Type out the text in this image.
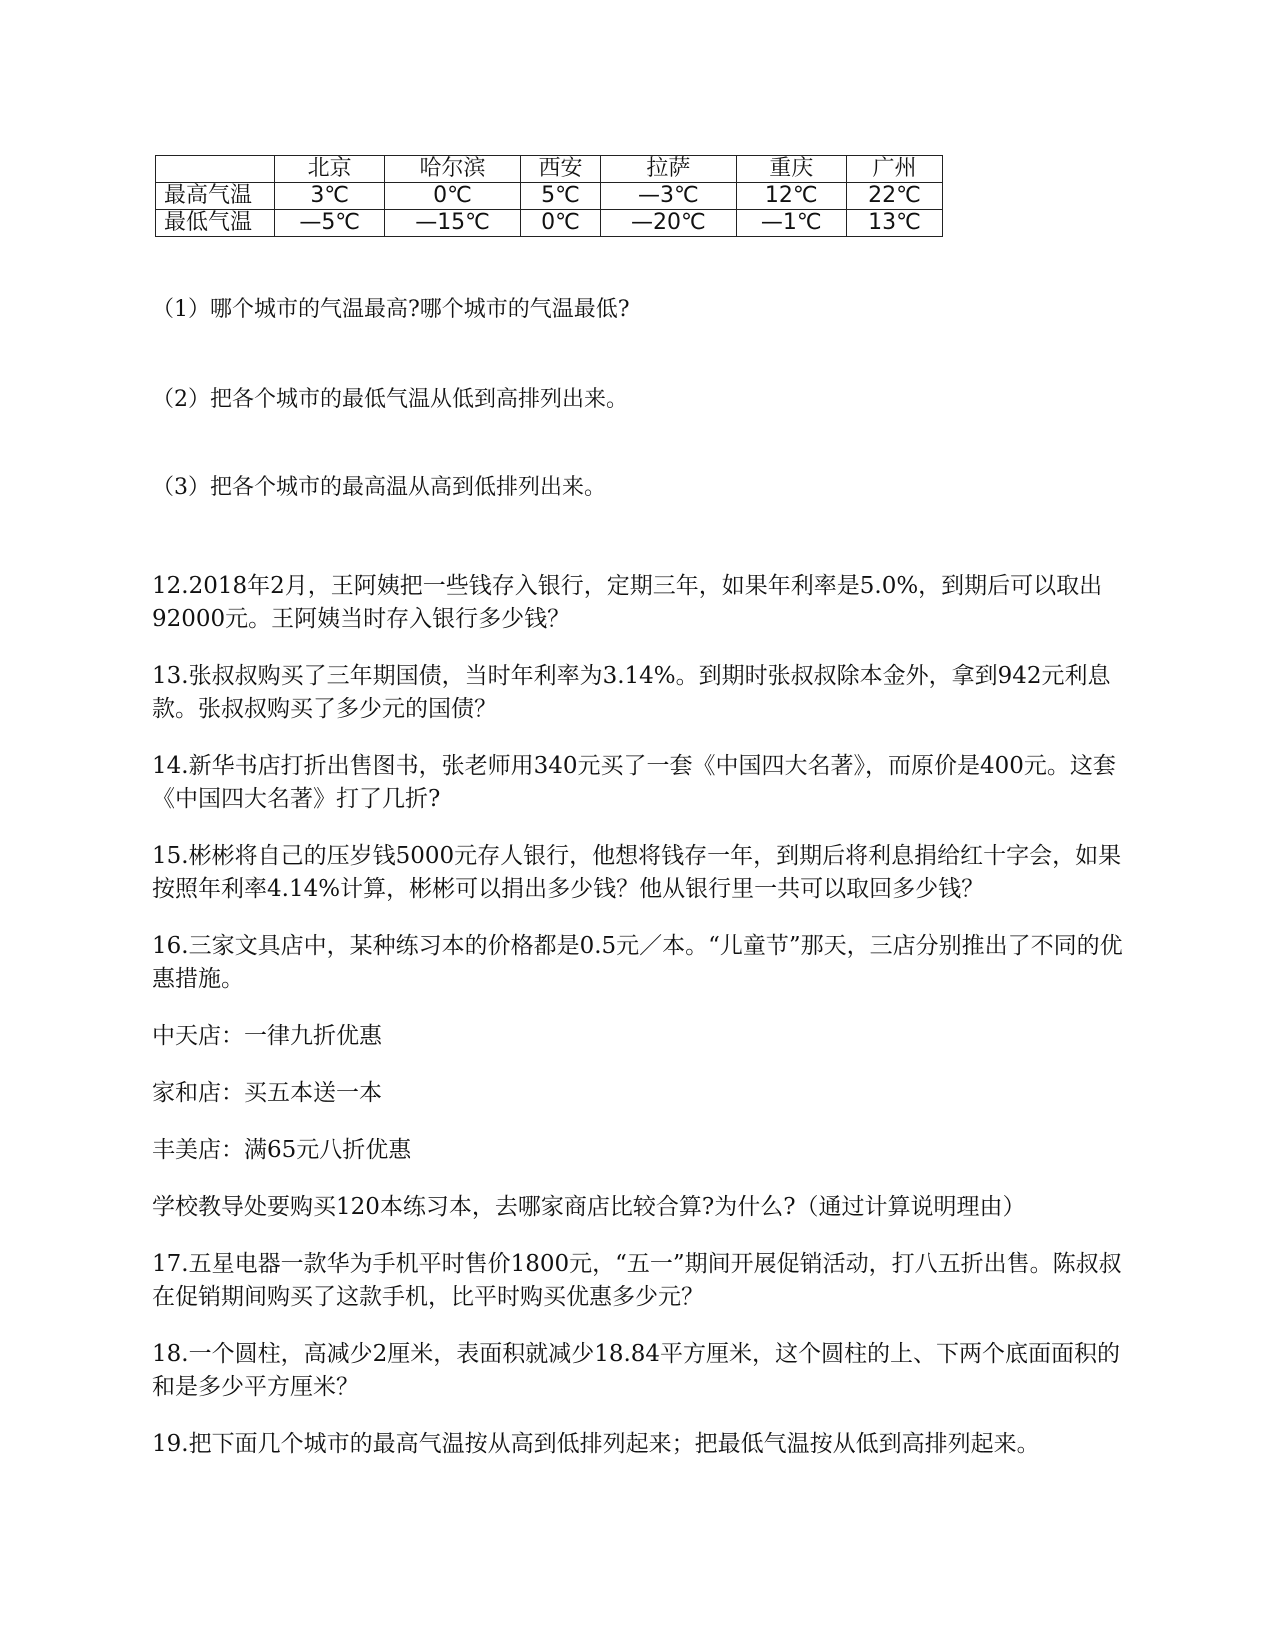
	北京	哈尔滨	西安	拉萨	重庆	广州
最高气温	3℃	0℃	5℃	—3℃	12℃	22℃
最低气温	—5℃	—15℃	0℃	—20℃	—1℃	13℃
（1）哪个城市的气温最高?哪个城市的气温最低?
（2）把各个城市的最低气温从低到高排列出来。
（3）把各个城市的最高温从高到低排列出来。

12.2018年2月，王阿姨把一些钱存入银行，定期三年，如果年利率是5.0%，到期后可以取出92000元。王阿姨当时存入银行多少钱？

13.张叔叔购买了三年期国债，当时年利率为3.14%。到期时张叔叔除本金外，拿到942元利息款。张叔叔购买了多少元的国债？

14.新华书店打折出售图书，张老师用340元买了一套《中国四大名著》，而原价是400元。这套《中国四大名著》打了几折?

15.彬彬将自己的压岁钱5000元存人银行，他想将钱存一年，到期后将利息捐给红十字会，如果按照年利率4.14%计算，彬彬可以捐出多少钱？他从银行里一共可以取回多少钱？

16.三家文具店中，某种练习本的价格都是0.5元／本。“儿童节”那天，三店分别推出了不同的优惠措施。

中天店：一律九折优惠

家和店：买五本送一本

丰美店：满65元八折优惠

学校教导处要购买120本练习本，去哪家商店比较合算?为什么?（通过计算说明理由）

17.五星电器一款华为手机平时售价1800元，“五一”期间开展促销活动，打八五折出售。陈叔叔在促销期间购买了这款手机，比平时购买优惠多少元？

18.一个圆柱，高减少2厘米，表面积就减少18.84平方厘米，这个圆柱的上、下两个底面面积的和是多少平方厘米？

19.把下面几个城市的最高气温按从高到低排列起来；把最低气温按从低到高排列起来。
